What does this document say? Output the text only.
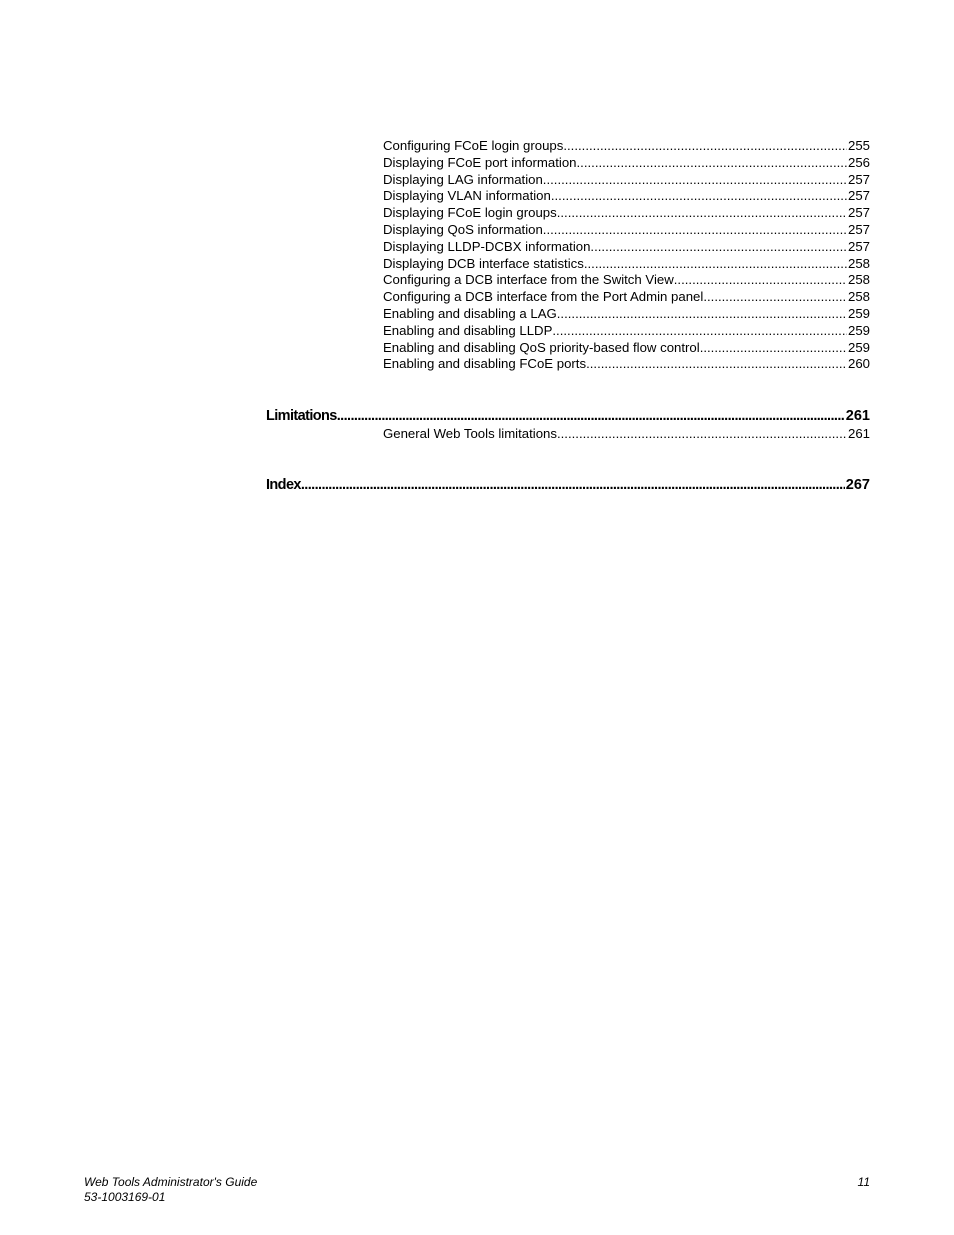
Configuring FCoE login groups .....	255
Displaying FCoE port information .....	256
Displaying LAG information .....	257
Displaying VLAN information .....	257
Displaying FCoE login groups .....	257
Displaying QoS information .....	257
Displaying LLDP-DCBX information .....	257
Displaying DCB interface statistics .....	258
Configuring a DCB interface from the Switch View .....	258
Configuring a DCB interface from the Port Admin panel .....	258
Enabling and disabling a LAG .....	259
Enabling and disabling LLDP .....	259
Enabling and disabling QoS priority-based flow control .....	259
Enabling and disabling FCoE ports .....	260
Limitations .....	261
General Web Tools limitations .....	261
Index .....	267
Web Tools Administrator's Guide	11
53-1003169-01
